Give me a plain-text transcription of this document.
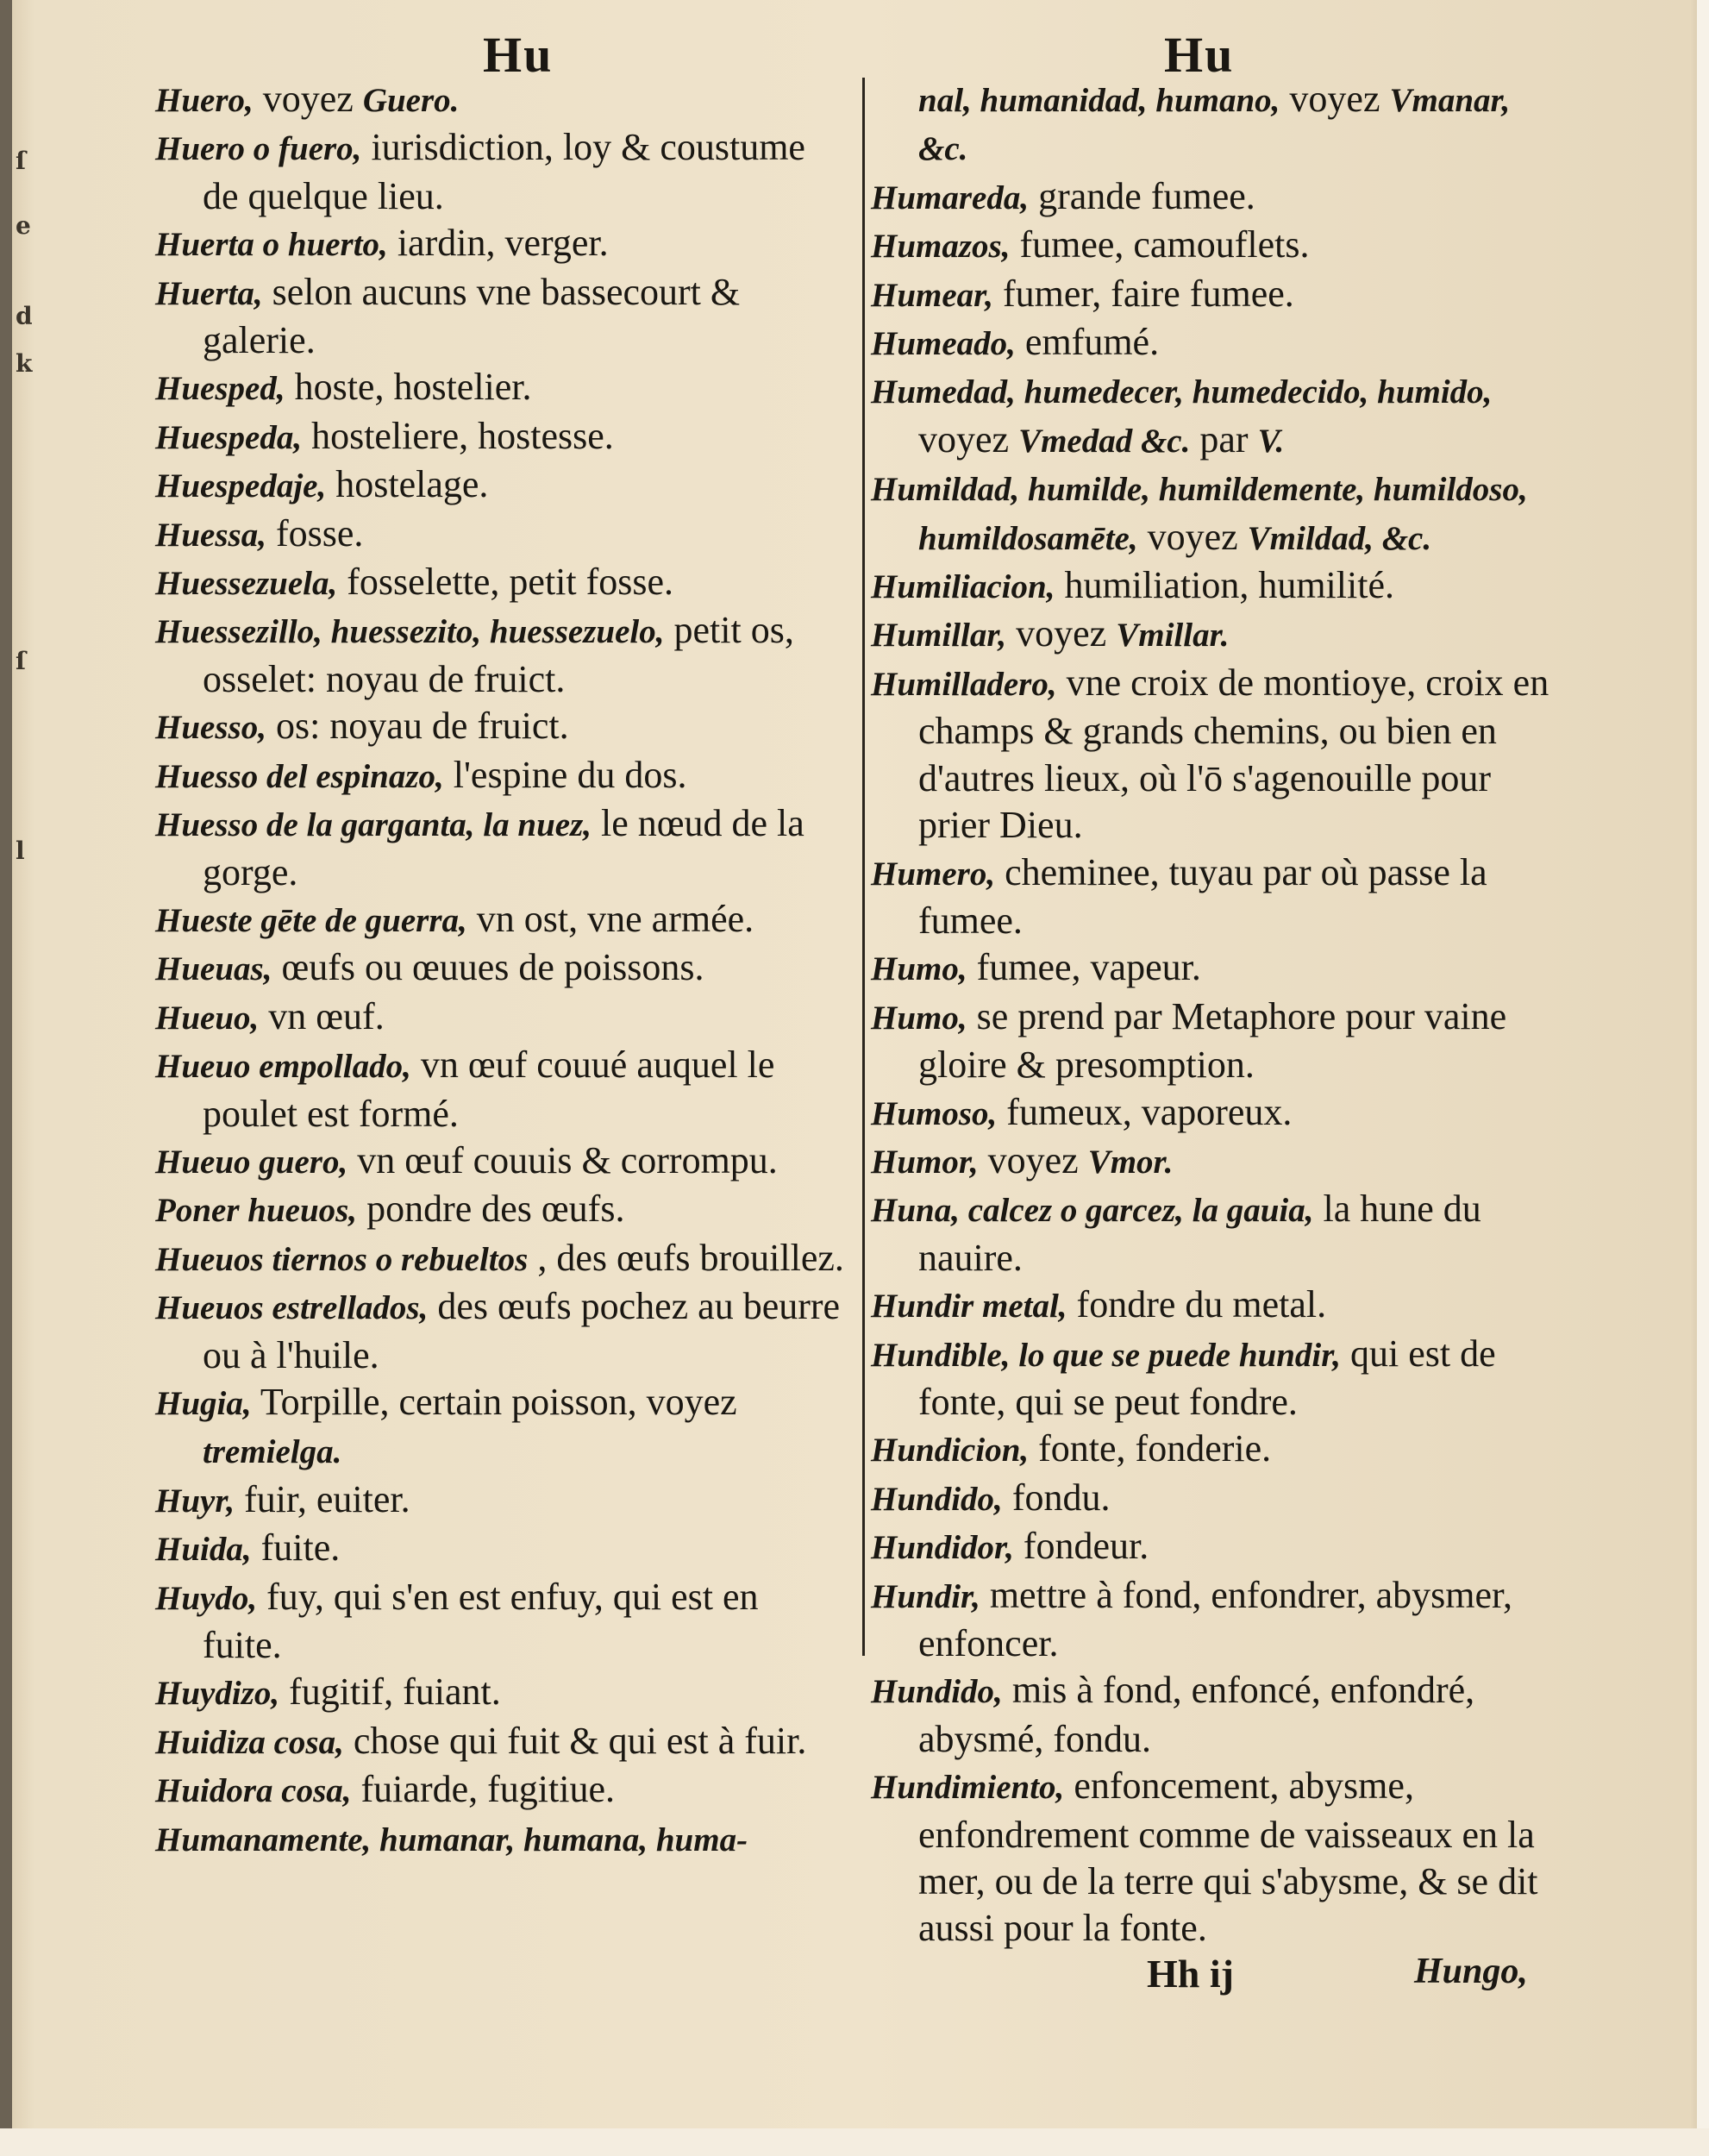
ſ
e
d
k
ſ
l
Hu	Hu

Huero, voyez Guero.

Huero o fuero, iurisdiction, loy & coustume de quelque lieu.

Huerta o huerto, iardin, verger.

Huerta, selon aucuns vne bassecourt & galerie.

Huesped, hoste, hostelier.

Huespeda, hosteliere, hostesse.

Huespedaje, hostelage.

Huessa, fosse.

Huessezuela, fosselette, petit fosse.

Huessezillo, huessezito, huessezuelo, petit os, osselet: noyau de fruict.

Huesso, os: noyau de fruict.

Huesso del espinazo, l'espine du dos.

Huesso de la garganta, la nuez, le nœud de la gorge.

Hueste gēte de guerra, vn ost, vne armée.

Hueuas, œufs ou œuues de poissons.

Hueuo, vn œuf.

Hueuo empollado, vn œuf couué auquel le poulet est formé.

Hueuo guero, vn œuf couuis & corrompu.

Poner hueuos, pondre des œufs.

Hueuos tiernos o rebueltos , des œufs brouillez.

Hueuos estrellados, des œufs pochez au beurre ou à l'huile.

Hugia, Torpille, certain poisson, voyez tremielga.

Huyr, fuir, euiter.

Huida, fuite.

Huydo, fuy, qui s'en est enfuy, qui est en fuite.

Huydizo, fugitif, fuiant.

Huidiza cosa, chose qui fuit & qui est à fuir.

Huidora cosa, fuiarde, fugitiue.

Humanamente, humanar, humana, huma-

nal, humanidad, humano, voyez Vmanar, &c.

Humareda, grande fumee.

Humazos, fumee, camouflets.

Humear, fumer, faire fumee.

Humeado, emfumé.

Humedad, humedecer, humedecido, humido, voyez Vmedad &c. par V.

Humildad, humilde, humildemente, humildoso, humildosamēte, voyez Vmildad, &c.

Humiliacion, humiliation, humilité.

Humillar, voyez Vmillar.

Humilladero, vne croix de montioye, croix en champs & grands chemins, ou bien en d'autres lieux, où l'ō s'agenouille pour prier Dieu.

Humero, cheminee, tuyau par où passe la fumee.

Humo, fumee, vapeur.

Humo, se prend par Metaphore pour vaine gloire & presomption.

Humoso, fumeux, vaporeux.

Humor, voyez Vmor.

Huna, calcez o garcez, la gauia, la hune du nauire.

Hundir metal, fondre du metal.

Hundible, lo que se puede hundir, qui est de fonte, qui se peut fondre.

Hundicion, fonte, fonderie.

Hundido, fondu.

Hundidor, fondeur.

Hundir, mettre à fond, enfondrer, abysmer, enfoncer.

Hundido, mis à fond, enfoncé, enfondré, abysmé, fondu.

Hundimiento, enfoncement, abysme, enfondrement comme de vaisseaux en la mer, ou de la terre qui s'abysme, & se dit aussi pour la fonte.

Hh ij	Hungo,
